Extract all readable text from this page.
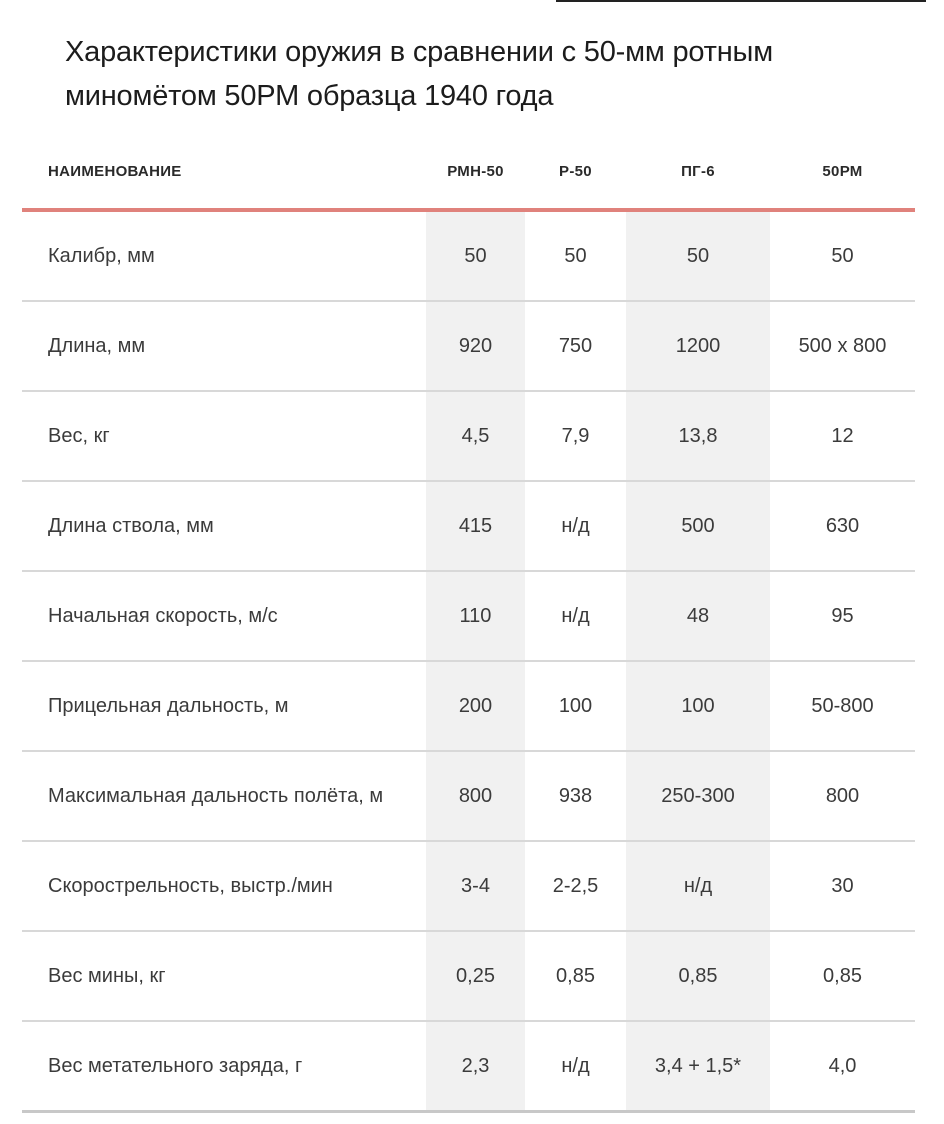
Характеристики оружия в сравнении с 50-мм ротным миномётом 50РМ образца 1940 года
НАИМЕНОВАНИЕ	РМН-50	Р-50	ПГ-6	50РМ
Калибр, мм	50	50	50	50
Длина, мм	920	750	1200	500 x 800
Вес, кг	4,5	7,9	13,8	12
Длина ствола, мм	415	н/д	500	630
Начальная скорость, м/с	110	н/д	48	95
Прицельная дальность, м	200	100	100	50-800
Максимальная дальность полёта, м	800	938	250-300	800
Скорострельность, выстр./мин	3-4	2-2,5	н/д	30
Вес мины, кг	0,25	0,85	0,85	0,85
Вес метательного заряда, г	2,3	н/д	3,4 + 1,5*	4,0
